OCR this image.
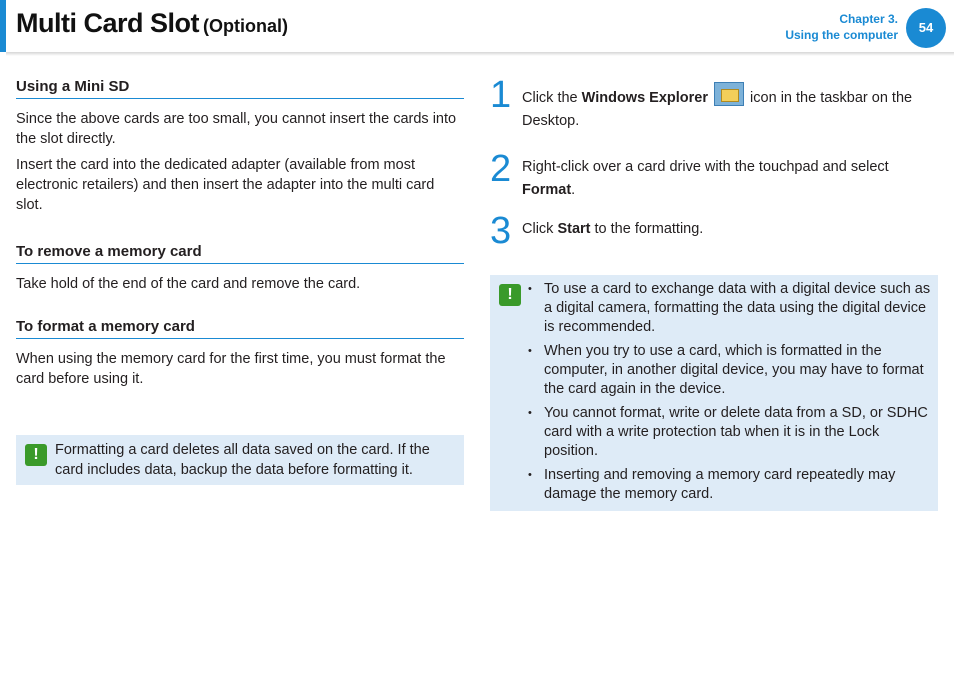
Multi Card Slot (Optional)	Chapter 3.
Using the computer	54
Using a Mini SD

Since the above cards are too small, you cannot insert the cards into the slot directly.

Insert the card into the dedicated adapter (available from most electronic retailers) and then insert the adapter into the multi card slot.

To remove a memory card

Take hold of the end of the card and remove the card.

To format a memory card

When using the memory card for the first time, you must format the card before using it.

!	Formatting a card deletes all data saved on the card. If the card includes data, backup the data before formatting it.
1 Click the Windows Explorer	icon in the taskbar on the Desktop.
2 Right-click over a card drive with the touchpad and select Format.
3 Click Start to the formatting.
!
•	To use a card to exchange data with a digital device such as a digital camera, formatting the data using the digital device is recommended.
• When you try to use a card, which is formatted in the computer, in another digital device, you may have to format the card again in the device.
• You cannot format, write or delete data from a SD, or SDHC card with a write protection tab when it is in the Lock position.
• Inserting and removing a memory card repeatedly may damage the memory card.
